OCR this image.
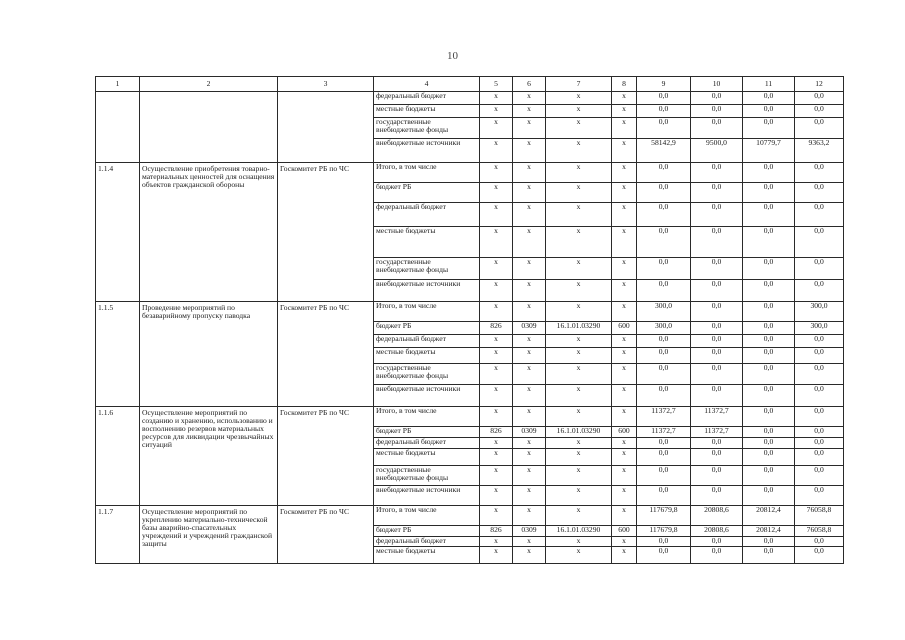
10
1	2	3	4	5	6	7	8	9	10	11	12
			федеральный бюджет	x	x	x	x	0,0	0,0	0,0	0,0
			местные бюджеты	x	x	x	x	0,0	0,0	0,0	0,0
			государственные внебюджетные фонды	x	x	x	x	0,0	0,0	0,0	0,0
			внебюджетные источники	x	x	x	x	58142,9	9500,0	10779,7	9363,2
1.1.4	Осуществление приобретения товарно-материальных ценностей для оснащения объектов гражданской обороны	Госкомитет РБ по ЧС	Итого, в том числе	x	x	x	x	0,0	0,0	0,0	0,0
			бюджет РБ	x	x	x	x	0,0	0,0	0,0	0,0
			федеральный бюджет	x	x	x	x	0,0	0,0	0,0	0,0
			местные бюджеты	x	x	x	x	0,0	0,0	0,0	0,0
			государственные внебюджетные фонды	x	x	x	x	0,0	0,0	0,0	0,0
			внебюджетные источники	x	x	x	x	0,0	0,0	0,0	0,0
1.1.5	Проведение мероприятий по безаварийному пропуску паводка	Госкомитет РБ по ЧС	Итого, в том числе	x	x	x	x	300,0	0,0	0,0	300,0
			бюджет РБ	826	0309	16.1.01.03290	600	300,0	0,0	0,0	300,0
			федеральный бюджет	x	x	x	x	0,0	0,0	0,0	0,0
			местные бюджеты	x	x	x	x	0,0	0,0	0,0	0,0
			государственные внебюджетные фонды	x	x	x	x	0,0	0,0	0,0	0,0
			внебюджетные источники	x	x	x	x	0,0	0,0	0,0	0,0
1.1.6	Осуществление мероприятий по созданию и хранению, использованию и восполнению резервов материальных ресурсов для ликвидации чрезвычайных ситуаций	Госкомитет РБ по ЧС	Итого, в том числе	x	x	x	x	11372,7	11372,7	0,0	0,0
			бюджет РБ	826	0309	16.1.01.03290	600	11372,7	11372,7	0,0	0,0
			федеральный бюджет	x	x	x	x	0,0	0,0	0,0	0,0
			местные бюджеты	x	x	x	x	0,0	0,0	0,0	0,0
			государственные внебюджетные фонды	x	x	x	x	0,0	0,0	0,0	0,0
			внебюджетные источники	x	x	x	x	0,0	0,0	0,0	0,0
1.1.7	Осуществление мероприятий по укреплению материально-технической базы аварийно-спасательных учреждений и учреждений гражданской защиты	Госкомитет РБ по ЧС	Итого, в том числе	x	x	x	x	117679,8	20808,6	20812,4	76058,8
			бюджет РБ	826	0309	16.1.01.03290	600	117679,8	20808,6	20812,4	76058,8
			федеральный бюджет	x	x	x	x	0,0	0,0	0,0	0,0
			местные бюджеты	x	x	x	x	0,0	0,0	0,0	0,0
